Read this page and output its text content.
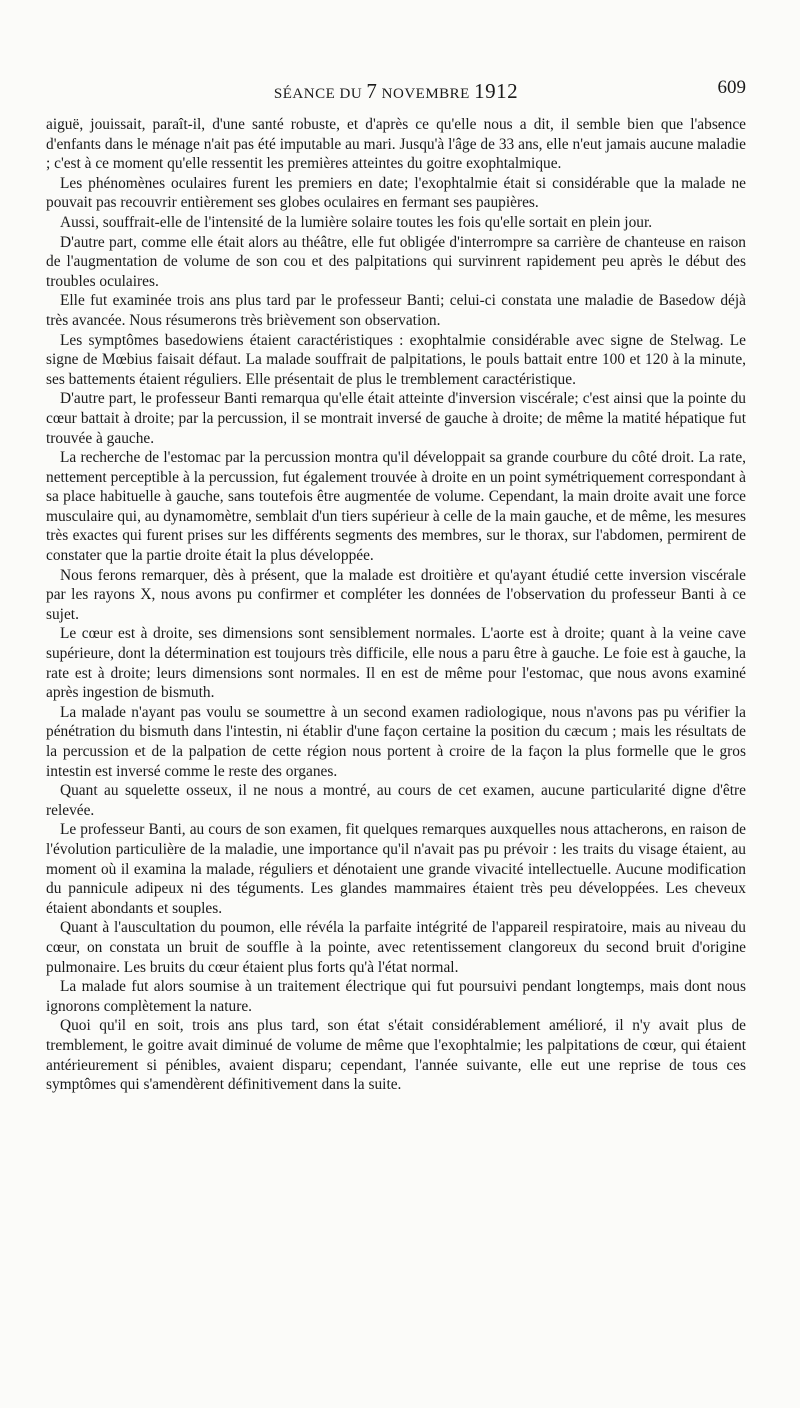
SÉANCE DU 7 NOVEMBRE 1912	609

aiguë, jouissait, paraît-il, d'une santé robuste, et d'après ce qu'elle nous a dit, il semble bien que l'absence d'enfants dans le ménage n'ait pas été imputable au mari. Jusqu'à l'âge de 33 ans, elle n'eut jamais aucune maladie ; c'est à ce moment qu'elle ressentit les premières atteintes du goitre exophtalmique.

Les phénomènes oculaires furent les premiers en date; l'exophtalmie était si considérable que la malade ne pouvait pas recouvrir entièrement ses globes oculaires en fermant ses paupières.

Aussi, souffrait-elle de l'intensité de la lumière solaire toutes les fois qu'elle sortait en plein jour.

D'autre part, comme elle était alors au théâtre, elle fut obligée d'interrompre sa carrière de chanteuse en raison de l'augmentation de volume de son cou et des palpitations qui survinrent rapidement peu après le début des troubles oculaires.

Elle fut examinée trois ans plus tard par le professeur Banti; celui-ci constata une maladie de Basedow déjà très avancée. Nous résumerons très brièvement son observation.

Les symptômes basedowiens étaient caractéristiques : exophtalmie considérable avec signe de Stelwag. Le signe de Mœbius faisait défaut. La malade souffrait de palpitations, le pouls battait entre 100 et 120 à la minute, ses battements étaient réguliers. Elle présentait de plus le tremblement caractéristique.

D'autre part, le professeur Banti remarqua qu'elle était atteinte d'inversion viscérale; c'est ainsi que la pointe du cœur battait à droite; par la percussion, il se montrait inversé de gauche à droite; de même la matité hépatique fut trouvée à gauche.

La recherche de l'estomac par la percussion montra qu'il développait sa grande courbure du côté droit. La rate, nettement perceptible à la percussion, fut également trouvée à droite en un point symétriquement correspondant à sa place habituelle à gauche, sans toutefois être augmentée de volume. Cependant, la main droite avait une force musculaire qui, au dynamomètre, semblait d'un tiers supérieur à celle de la main gauche, et de même, les mesures très exactes qui furent prises sur les différents segments des membres, sur le thorax, sur l'abdomen, permirent de constater que la partie droite était la plus développée.

Nous ferons remarquer, dès à présent, que la malade est droitière et qu'ayant étudié cette inversion viscérale par les rayons X, nous avons pu confirmer et compléter les données de l'observation du professeur Banti à ce sujet.

Le cœur est à droite, ses dimensions sont sensiblement normales. L'aorte est à droite; quant à la veine cave supérieure, dont la détermination est toujours très difficile, elle nous a paru être à gauche. Le foie est à gauche, la rate est à droite; leurs dimensions sont normales. Il en est de même pour l'estomac, que nous avons examiné après ingestion de bismuth.

La malade n'ayant pas voulu se soumettre à un second examen radiologique, nous n'avons pas pu vérifier la pénétration du bismuth dans l'intestin, ni établir d'une façon certaine la position du cæcum ; mais les résultats de la percussion et de la palpation de cette région nous portent à croire de la façon la plus formelle que le gros intestin est inversé comme le reste des organes.

Quant au squelette osseux, il ne nous a montré, au cours de cet examen, aucune particularité digne d'être relevée.

Le professeur Banti, au cours de son examen, fit quelques remarques auxquelles nous attacherons, en raison de l'évolution particulière de la maladie, une importance qu'il n'avait pas pu prévoir : les traits du visage étaient, au moment où il examina la malade, réguliers et dénotaient une grande vivacité intellectuelle. Aucune modification du pannicule adipeux ni des téguments. Les glandes mammaires étaient très peu développées. Les cheveux étaient abondants et souples.

Quant à l'auscultation du poumon, elle révéla la parfaite intégrité de l'appareil respiratoire, mais au niveau du cœur, on constata un bruit de souffle à la pointe, avec retentissement clangoreux du second bruit d'origine pulmonaire. Les bruits du cœur étaient plus forts qu'à l'état normal.

La malade fut alors soumise à un traitement électrique qui fut poursuivi pendant longtemps, mais dont nous ignorons complètement la nature.

Quoi qu'il en soit, trois ans plus tard, son état s'était considérablement amélioré, il n'y avait plus de tremblement, le goitre avait diminué de volume de même que l'exophtalmie; les palpitations de cœur, qui étaient antérieurement si pénibles, avaient disparu; cependant, l'année suivante, elle eut une reprise de tous ces symptômes qui s'amendèrent définitivement dans la suite.
